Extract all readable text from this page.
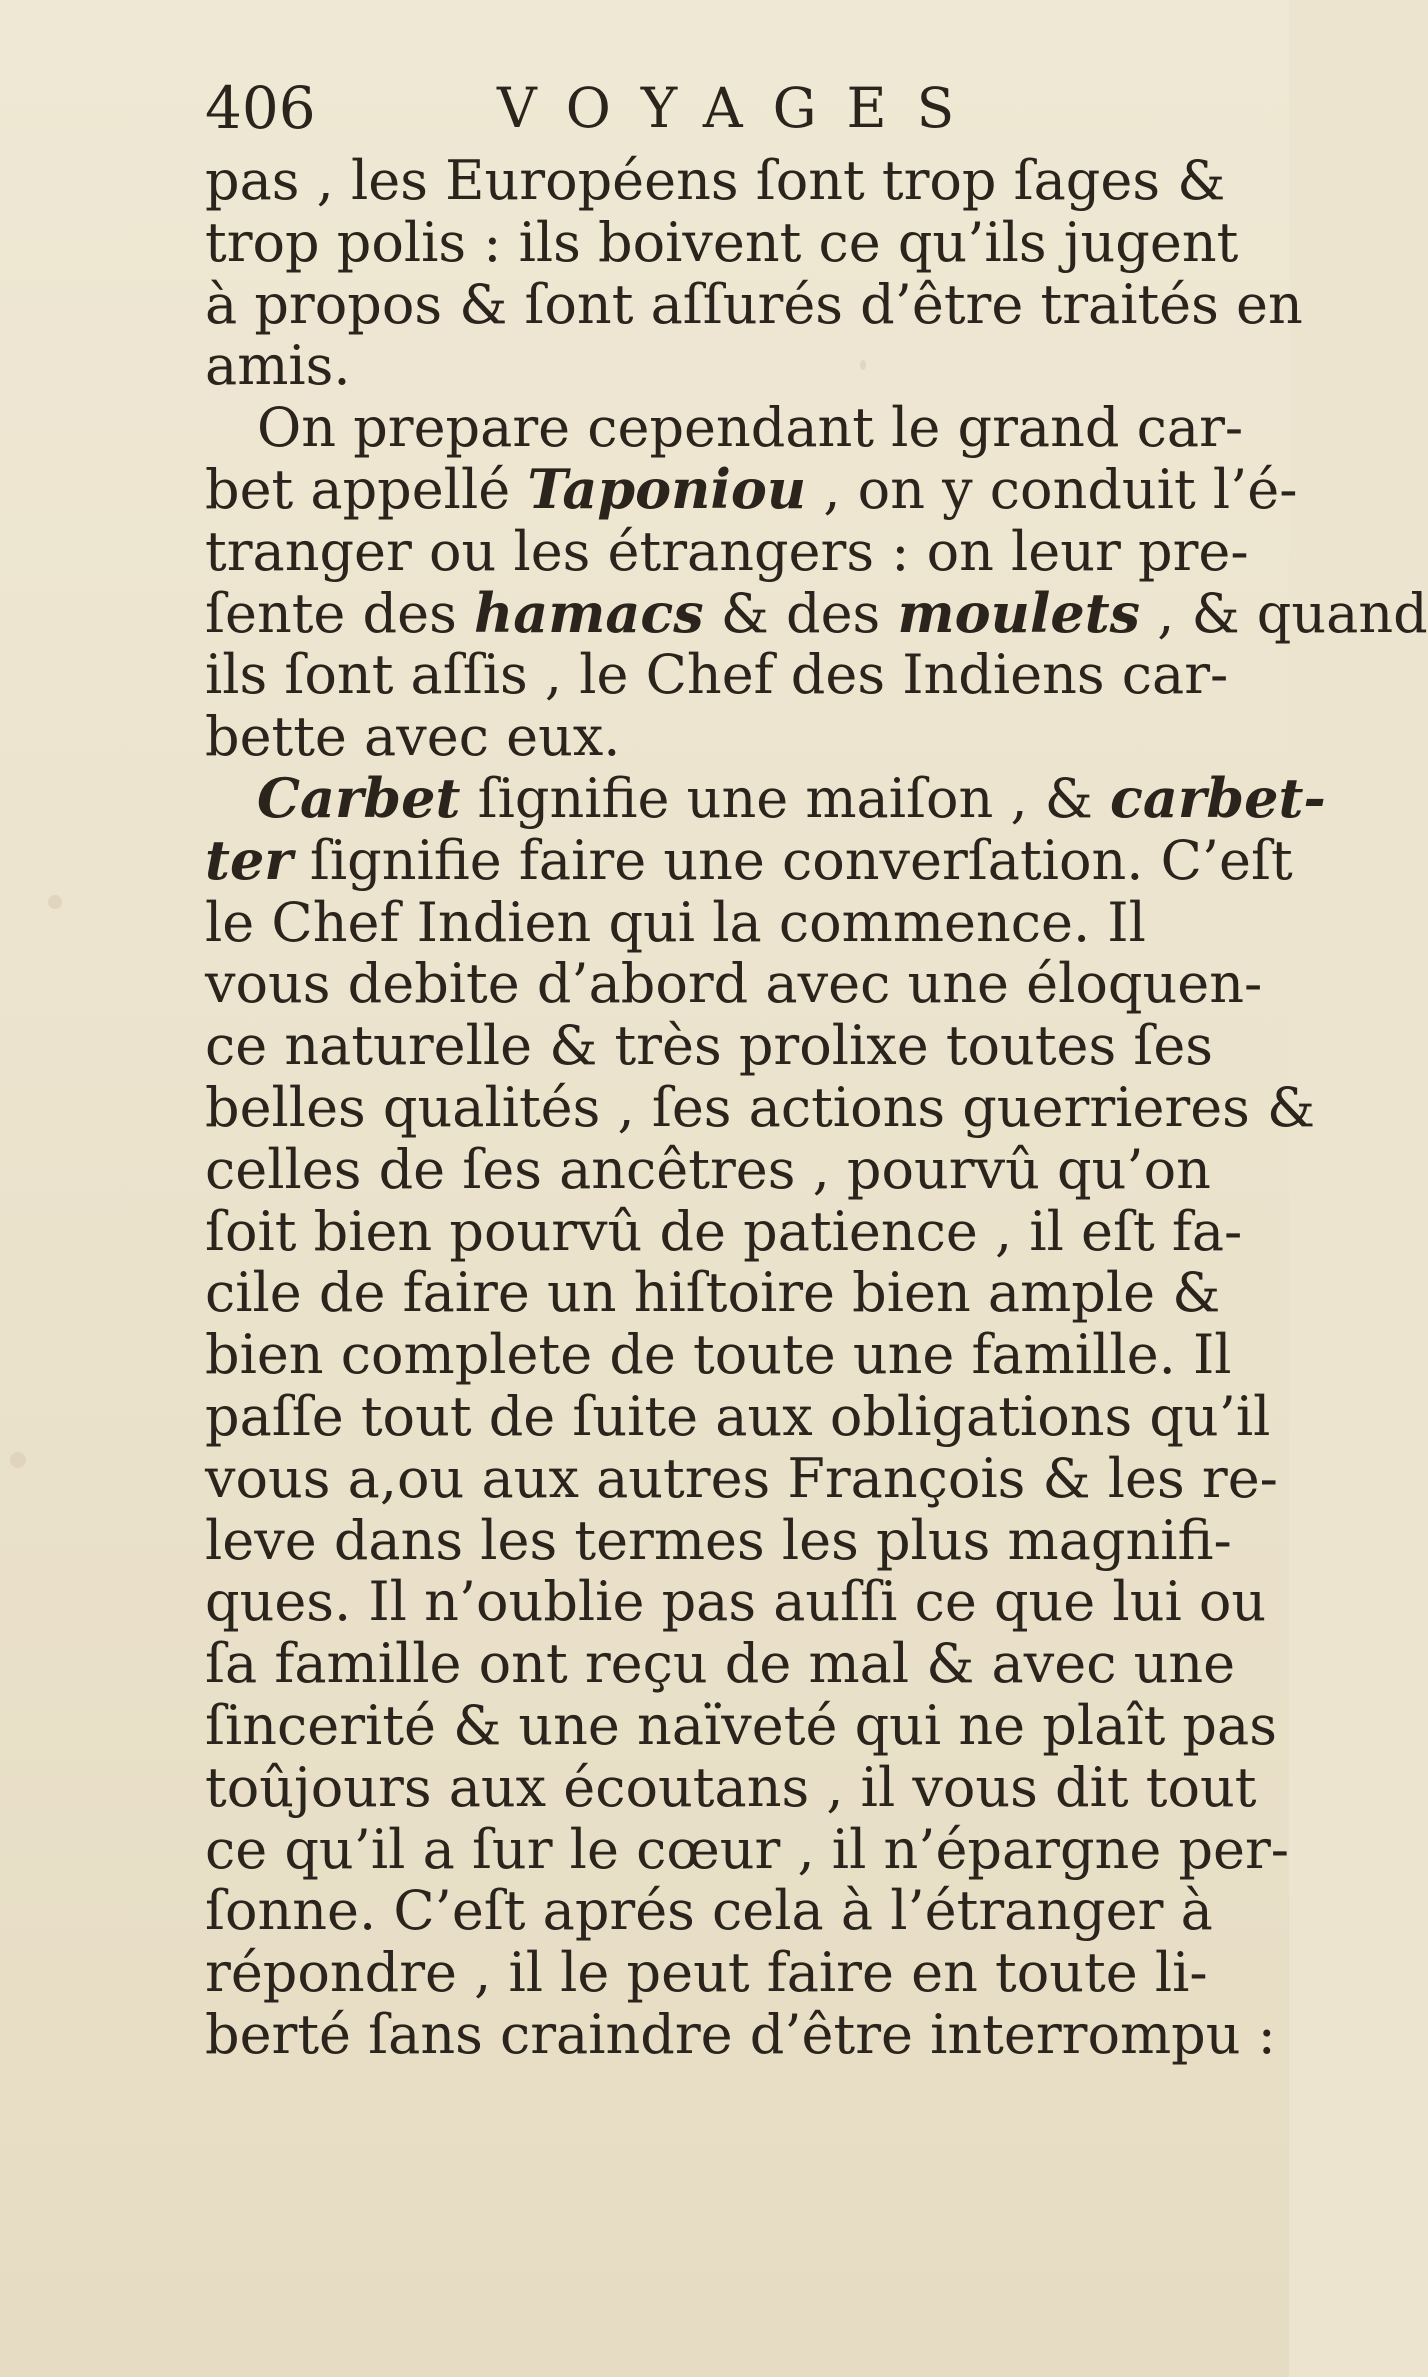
406	VOYAGES
pas , les Européens ſont trop ſages &
trop polis : ils boivent ce qu’ils jugent
à propos & ſont aſſurés d’être traités en
amis.
On prepare cependant le grand car-
bet appellé Taponiou , on y conduit l’é-
tranger ou les étrangers : on leur pre-
ſente des hamacs & des moulets , & quand
ils ſont aſſis , le Chef des Indiens car-
bette avec eux.
Carbet ſignifie une maiſon , & carbet-
ter ſignifie faire une converſation. C’eſt
le Chef Indien qui la commence. Il
vous debite d’abord avec une éloquen-
ce naturelle & très prolixe toutes ſes
belles qualités , ſes actions guerrieres &
celles de ſes ancêtres , pourvû qu’on
ſoit bien pourvû de patience , il eſt fa-
cile de faire un hiſtoire bien ample &
bien complete de toute une famille. Il
paſſe tout de ſuite aux obligations qu’il
vous a,ou aux autres François & les re-
leve dans les termes les plus magnifi-
ques. Il n’oublie pas auſſi ce que lui ou
ſa famille ont reçu de mal & avec une
ſincerité & une naïveté qui ne plaît pas
toûjours aux écoutans , il vous dit tout
ce qu’il a ſur le cœur , il n’épargne per-
ſonne. C’eſt aprés cela à l’étranger à
répondre , il le peut faire en toute li-
berté ſans craindre d’être interrompu :
